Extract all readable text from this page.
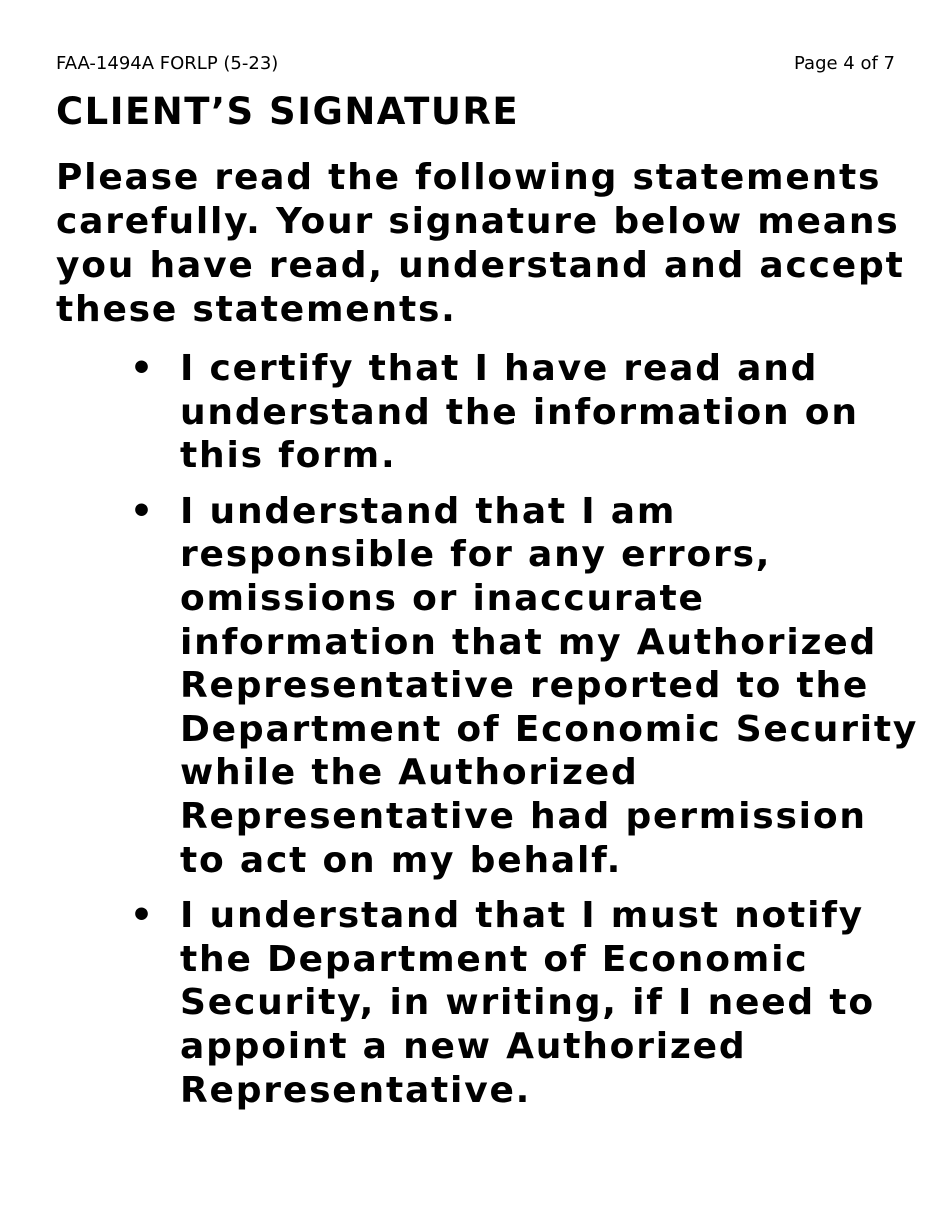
FAA-1494A FORLP (5-23)	Page 4 of 7
CLIENT’S SIGNATURE

Please read the following statements carefully. Your signature below means you have read, understand and accept these statements.

• I certify that I have read and understand the information on this form.
• I understand that I am responsible for any errors, omissions or inaccurate information that my Authorized Representative reported to the Department of Economic Security while the Authorized Representative had permission to act on my behalf.
• I understand that I must notify the Department of Economic Security, in writing, if I need to appoint a new Authorized Representative.
